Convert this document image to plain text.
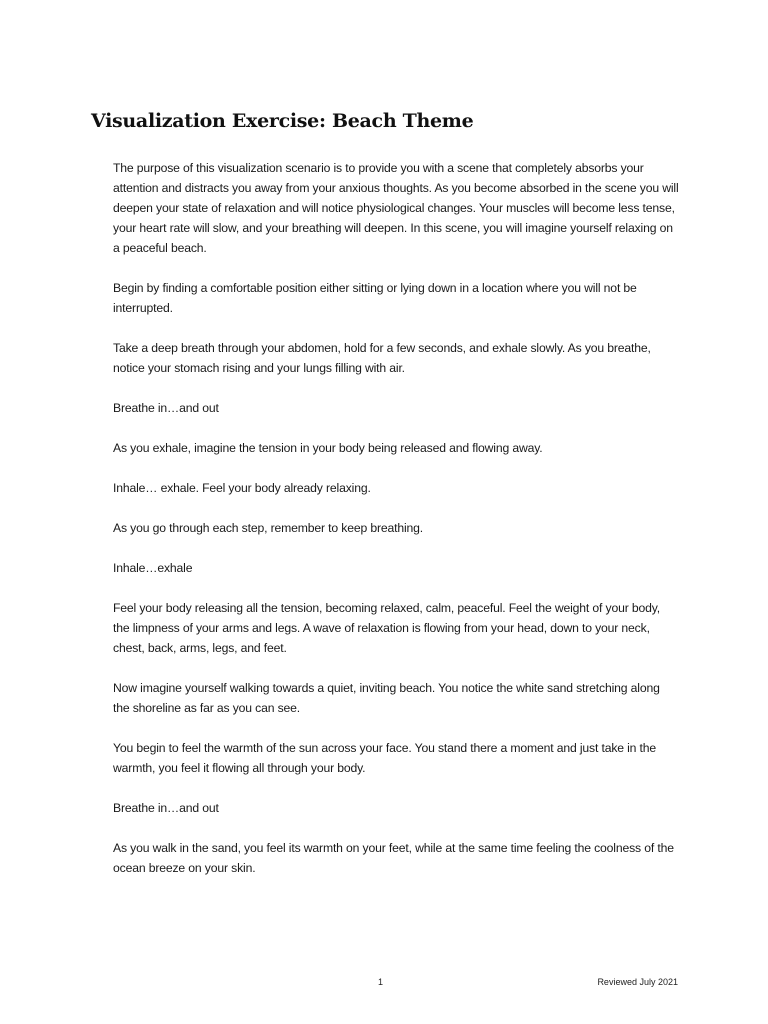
Visualization Exercise: Beach Theme

The purpose of this visualization scenario is to provide you with a scene that completely absorbs your attention and distracts you away from your anxious thoughts. As you become absorbed in the scene you will deepen your state of relaxation and will notice physiological changes. Your muscles will become less tense, your heart rate will slow, and your breathing will deepen. In this scene, you will imagine yourself relaxing on a peaceful beach.

Begin by finding a comfortable position either sitting or lying down in a location where you will not be interrupted.

Take a deep breath through your abdomen, hold for a few seconds, and exhale slowly. As you breathe, notice your stomach rising and your lungs filling with air.

Breathe in…and out

As you exhale, imagine the tension in your body being released and flowing away.

Inhale… exhale. Feel your body already relaxing.

As you go through each step, remember to keep breathing.

Inhale…exhale

Feel your body releasing all the tension, becoming relaxed, calm, peaceful. Feel the weight of your body, the limpness of your arms and legs. A wave of relaxation is flowing from your head, down to your neck, chest, back, arms, legs, and feet.

Now imagine yourself walking towards a quiet, inviting beach. You notice the white sand stretching along the shoreline as far as you can see.

You begin to feel the warmth of the sun across your face. You stand there a moment and just take in the warmth, you feel it flowing all through your body.

Breathe in…and out

As you walk in the sand, you feel its warmth on your feet, while at the same time feeling the coolness of the ocean breeze on your skin.

1	Reviewed July 2021
